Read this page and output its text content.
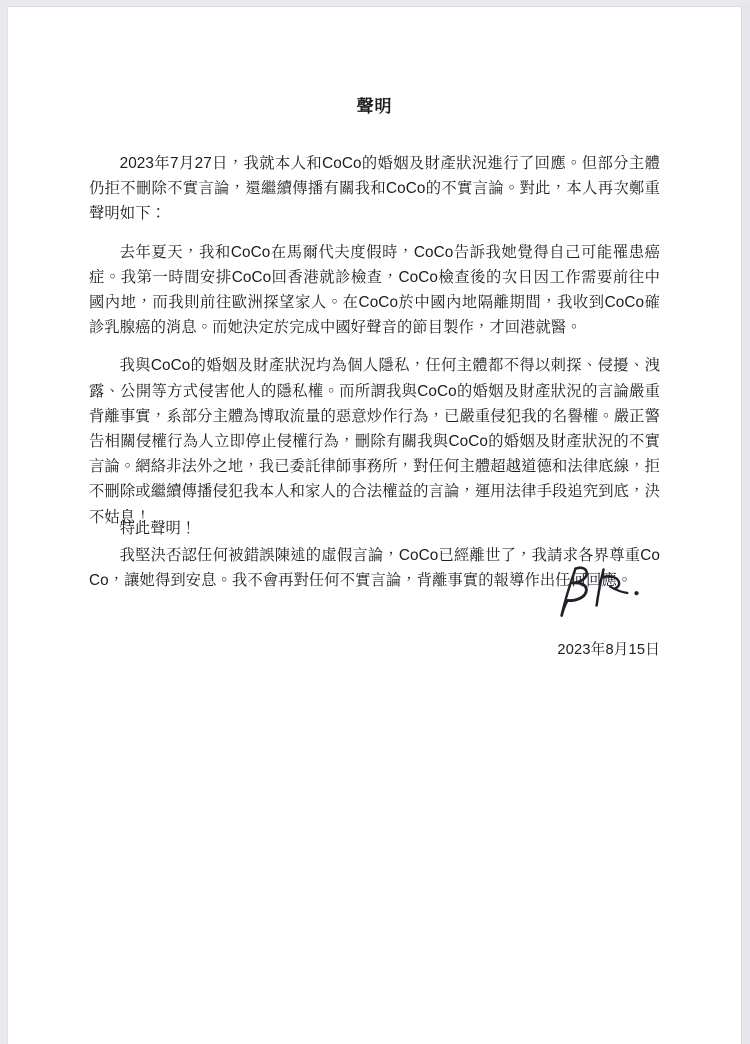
聲明

2023年7月27日，我就本人和CoCo的婚姻及財產狀況進行了回應。但部分主體仍拒不刪除不實言論，還繼續傳播有關我和CoCo的不實言論。對此，本人再次鄭重聲明如下：

去年夏天，我和CoCo在馬爾代夫度假時，CoCo告訴我她覺得自己可能罹患癌症。我第一時間安排CoCo回香港就診檢查，CoCo檢查後的次日因工作需要前往中國內地，而我則前往歐洲探望家人。在CoCo於中國內地隔離期間，我收到CoCo確診乳腺癌的消息。而她決定於完成中國好聲音的節目製作，才回港就醫。

我與CoCo的婚姻及財產狀況均為個人隱私，任何主體都不得以刺探、侵擾、洩露、公開等方式侵害他人的隱私權。而所謂我與CoCo的婚姻及財產狀況的言論嚴重背離事實，系部分主體為博取流量的惡意炒作行為，已嚴重侵犯我的名譽權。嚴正警告相關侵權行為人立即停止侵權行為，刪除有關我與CoCo的婚姻及財產狀況的不實言論。網絡非法外之地，我已委託律師事務所，對任何主體超越道德和法律底線，拒不刪除或繼續傳播侵犯我本人和家人的合法權益的言論，運用法律手段追究到底，決不姑息！

我堅決否認任何被錯誤陳述的虛假言論，CoCo已經離世了，我請求各界尊重CoCo，讓她得到安息。我不會再對任何不實言論，背離事實的報導作出任何回應。

特此聲明！
2023年8月15日
